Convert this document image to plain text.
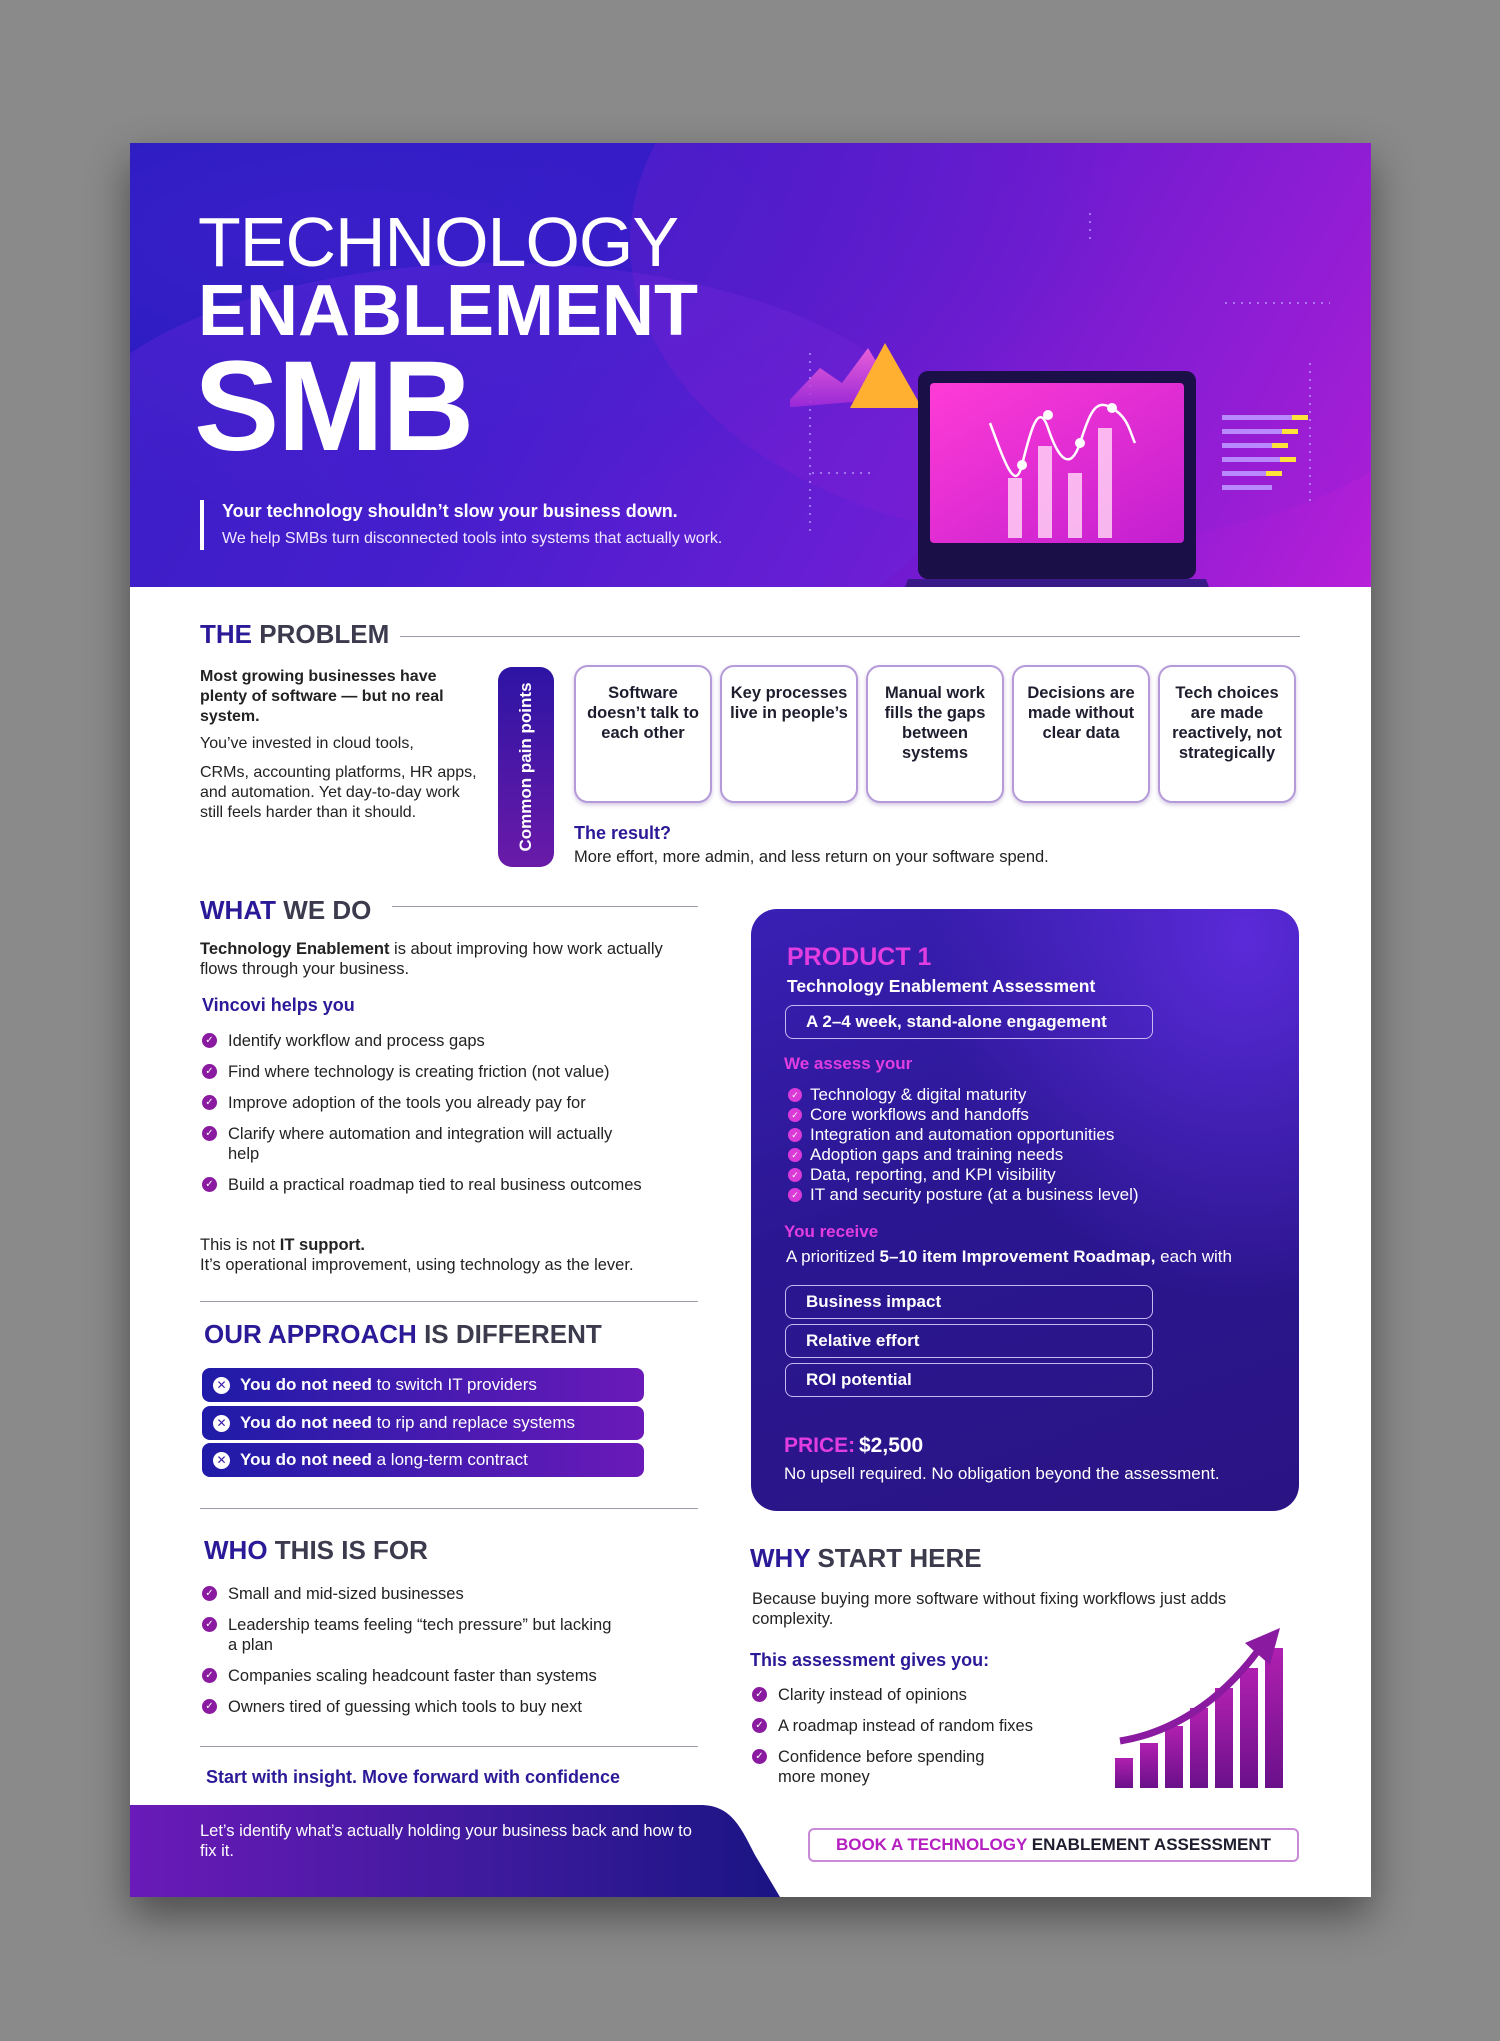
TECHNOLOGY
ENABLEMENT
SMB
Your technology shouldn’t slow your business down.
We help SMBs turn disconnected tools into systems that actually work.
THE PROBLEM
Most growing businesses have plenty of software — but no real system.
You’ve invested in cloud tools,
CRMs, accounting platforms, HR apps, and automation. Yet day-to-day work still feels harder than it should.	Common pain points	Software doesn’t talk to each other
Key processes live in people’s
Manual work fills the gaps between systems
Decisions are made without clear data
Tech choices are made reactively, not strategically
The result?
More effort, more admin, and less return on your software spend.
WHAT WE DO
Technology Enablement is about improving how work actually flows through your business.
Vincovi helps you
✓ Identify workflow and process gaps
✓ Find where technology is creating friction (not value)
✓ Improve adoption of the tools you already pay for
✓ Clarify where automation and integration will actually help
✓ Build a practical roadmap tied to real business outcomes
This is not IT support.
It’s operational improvement, using technology as the lever.
OUR APPROACH IS DIFFERENT
✕ You do not need to switch IT providers
✕ You do not need to rip and replace systems
✕ You do not need a long-term contract
WHO THIS IS FOR
✓ Small and mid-sized businesses
✓ Leadership teams feeling “tech pressure” but lacking a plan
✓ Companies scaling headcount faster than systems
✓ Owners tired of guessing which tools to buy next
Start with insight. Move forward with confidence
PRODUCT 1
Technology Enablement Assessment
A 2–4 week, stand-alone engagement
We assess your
✓ Technology & digital maturity
✓ Core workflows and handoffs
✓ Integration and automation opportunities
✓ Adoption gaps and training needs
✓ Data, reporting, and KPI visibility
✓ IT and security posture (at a business level)
You receive
A prioritized 5–10 item Improvement Roadmap, each with
Business impact
Relative effort
ROI potential
PRICE: $2,500
No upsell required. No obligation beyond the assessment.
WHY START HERE
Because buying more software without fixing workflows just adds complexity.
This assessment gives you:
✓ Clarity instead of opinions
✓ A roadmap instead of random fixes
✓ Confidence before spending more money
Let’s identify what’s actually holding your business back and how to fix it.	BOOK A TECHNOLOGY ENABLEMENT ASSESSMENT
